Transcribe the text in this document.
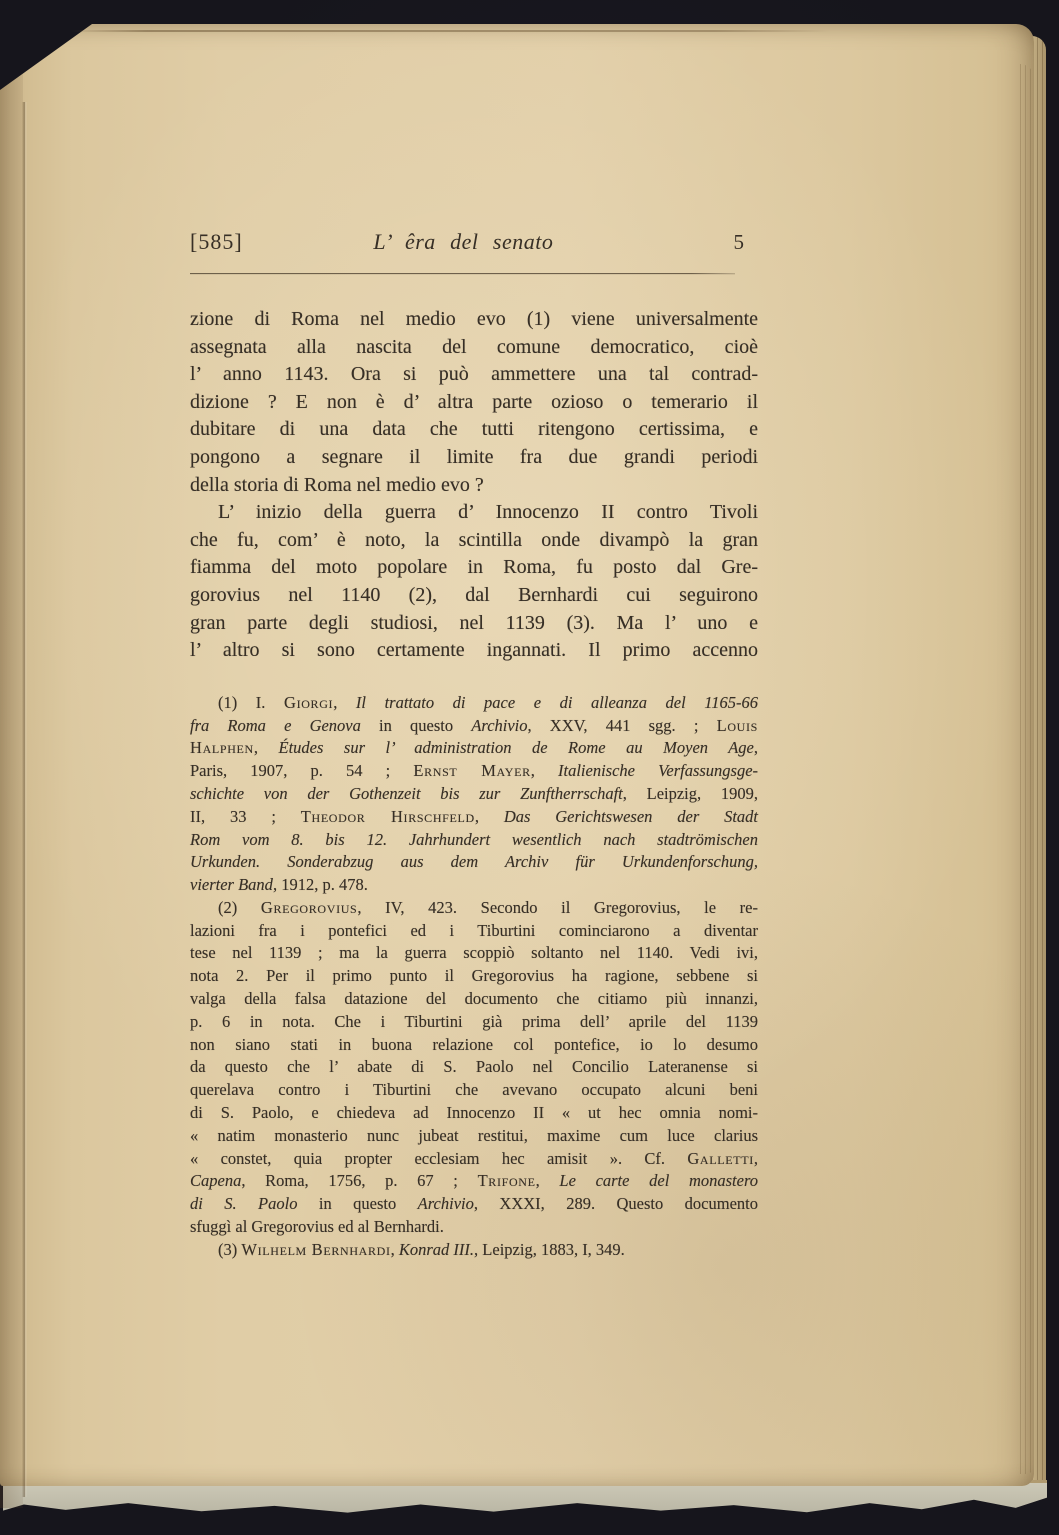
[585]	L’ êra del senato	5
zione di Roma nel medio evo (1) viene universalmente
assegnata alla nascita del comune democratico, cioè
l’ anno 1143. Ora si può ammettere una tal contrad-
dizione ? E non è d’ altra parte ozioso o temerario il
dubitare di una data che tutti ritengono certissima, e
pongono a segnare il limite fra due grandi periodi
della storia di Roma nel medio evo ?
L’ inizio della guerra d’ Innocenzo II contro Tivoli
che fu, com’ è noto, la scintilla onde divampò la gran
fiamma del moto popolare in Roma, fu posto dal Gre-
gorovius nel 1140 (2), dal Bernhardi cui seguirono
gran parte degli studiosi, nel 1139 (3). Ma l’ uno e
l’ altro si sono certamente ingannati. Il primo accenno
(1) I. Giorgi, Il trattato di pace e di alleanza del 1165-66
fra Roma e Genova in questo Archivio, XXV, 441 sgg. ; Louis
Halphen, Études sur l’ administration de Rome au Moyen Age,
Paris, 1907, p. 54 ; Ernst Mayer, Italienische Verfassungsge-
schichte von der Gothenzeit bis zur Zunftherrschaft, Leipzig, 1909,
II, 33 ; Theodor Hirschfeld, Das Gerichtswesen der Stadt
Rom vom 8. bis 12. Jahrhundert wesentlich nach stadtrömischen
Urkunden. Sonderabzug aus dem Archiv für Urkundenforschung,
vierter Band, 1912, p. 478.
(2) Gregorovius, IV, 423. Secondo il Gregorovius, le re-
lazioni fra i pontefici ed i Tiburtini cominciarono a diventar
tese nel 1139 ; ma la guerra scoppiò soltanto nel 1140. Vedi ivi,
nota 2. Per il primo punto il Gregorovius ha ragione, sebbene si
valga della falsa datazione del documento che citiamo più innanzi,
p. 6 in nota. Che i Tiburtini già prima dell’ aprile del 1139
non siano stati in buona relazione col pontefice, io lo desumo
da questo che l’ abate di S. Paolo nel Concilio Lateranense si
querelava contro i Tiburtini che avevano occupato alcuni beni
di S. Paolo, e chiedeva ad Innocenzo II « ut hec omnia nomi-
« natim monasterio nunc jubeat restitui, maxime cum luce clarius
« constet, quia propter ecclesiam hec amisit ». Cf. Galletti,
Capena, Roma, 1756, p. 67 ; Trifone, Le carte del monastero
di S. Paolo in questo Archivio, XXXI, 289. Questo documento
sfuggì al Gregorovius ed al Bernhardi.
(3) Wilhelm Bernhardi, Konrad III., Leipzig, 1883, I, 349.
